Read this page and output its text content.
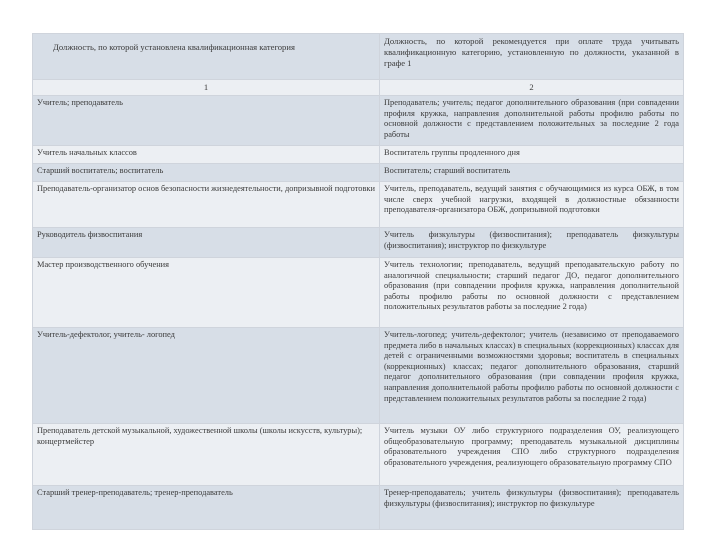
Должность, по которой установлена квалификационная категория	Должность, по которой рекомендуется при оплате труда учитывать квалификационную категорию, установленную по должности, указанной в графе 1
1	2
Учитель; преподаватель	Преподаватель; учитель; педагог дополнительного образования (при совпадении профиля кружка, направления дополнительной работы профилю работы по основной должности с представлением положительных за последние 2 года работы
Учитель начальных классов	Воспитатель группы продленного дня
Старший воспитатель; воспитатель	Воспитатель; старший воспитатель
Преподаватель-организатор основ безопасности жизнедеятельности, допризывной подготовки	Учитель, преподаватель, ведущий занятия с обучающимися из курса ОБЖ, в том числе сверх учебной нагрузки, входящей в должностные обязанности преподавателя-организатора ОБЖ, допризывной подготовки
Руководитель физвоспитания	Учитель физкультуры (физвоспитания); преподаватель физкультуры (физвоспитания); инструктор по физкультуре
Мастер производственного обучения	Учитель технологии; преподаватель, ведущий преподавательскую работу по аналогичной специальности; старший педагог ДО, педагог дополнительного образования (при совпадении профиля кружка, направления дополнительной работы профилю работы по основной должности с представлением положительных результатов работы за последние 2 года)
Учитель-дефектолог, учитель- логопед	Учитель-логопед; учитель-дефектолог; учитель (независимо от преподаваемого предмета либо в начальных классах) в специальных (коррекционных) классах для детей с ограниченными возможностями здоровья; воспитатель в специальных (коррекционных) классах; педагог дополнительного образования, старший педагог дополнительного образования (при совпадении профиля кружка, направления дополнительной работы профилю работы по основной должности с представлением положительных результатов работы за последние 2 года)
Преподаватель детской музыкальной, художественной школы (школы искусств, культуры); концертмейстер	Учитель музыки ОУ либо структурного подразделения ОУ, реализующего общеобразовательную программу; преподаватель музыкальной дисциплины образовательного учреждения СПО либо структурного подразделения образовательного учреждения, реализующего образовательную программу СПО
Старший тренер-преподаватель; тренер-преподаватель	Тренер-преподаватель; учитель физкультуры (физвоспитания); преподаватель физкультуры (физвоспитания); инструктор по физкультуре
